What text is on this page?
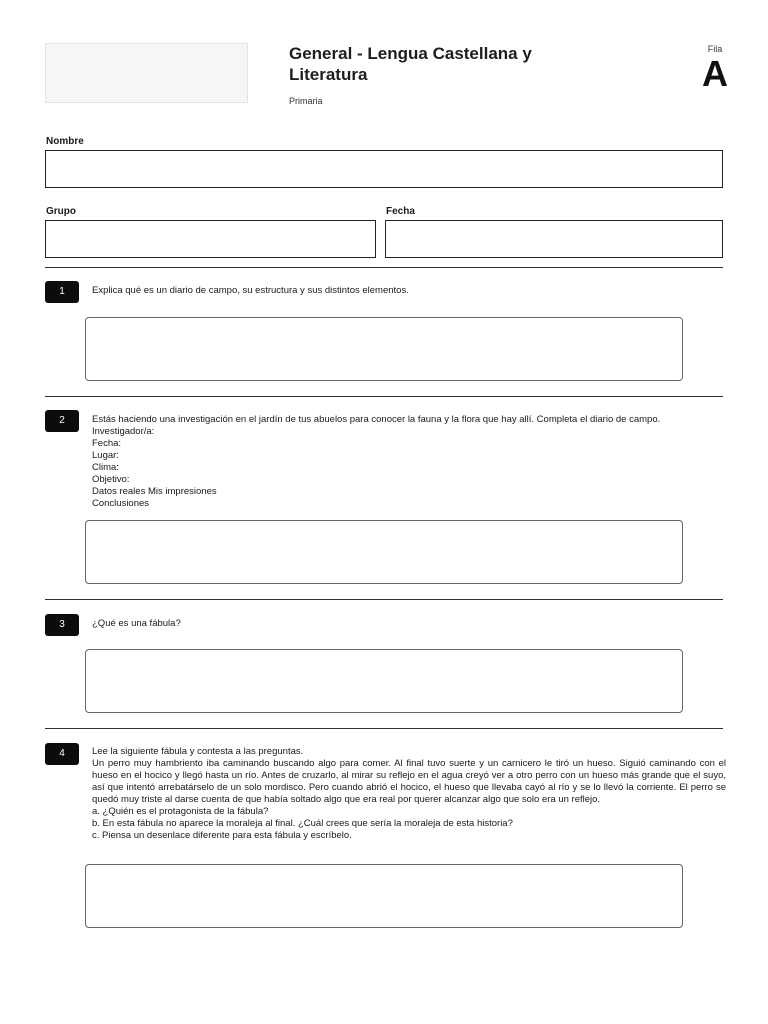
General - Lengua Castellana y Literatura
Primaria
Fila
A
Nombre
Grupo	Fecha
1	Explica qué es un diario de campo, su estructura y sus distintos elementos.
2	Estás haciendo una investigación en el jardín de tus abuelos para conocer la fauna y la flora que hay allí. Completa el diario de campo.
Investigador/a:
Fecha:
Lugar:
Clima:
Objetivo:
Datos reales Mis impresiones
Conclusiones
3	¿Qué es una fábula?
4	Lee la siguiente fábula y contesta a las preguntas.
Un perro muy hambriento iba caminando buscando algo para comer. Al final tuvo suerte y un carnicero le tiró un hueso. Siguió caminando con el hueso en el hocico y llegó hasta un río. Antes de cruzarlo, al mirar su reflejo en el agua creyó ver a otro perro con un hueso más grande que el suyo, así que intentó arrebatárselo de un solo mordisco. Pero cuando abrió el hocico, el hueso que llevaba cayó al río y se lo llevó la corriente. El perro se quedó muy triste al darse cuenta de que había soltado algo que era real por querer alcanzar algo que solo era un reflejo.
a. ¿Quién es el protagonista de la fábula?
b. En esta fábula no aparece la moraleja al final. ¿Cuál crees que sería la moraleja de esta historia?
c. Piensa un desenlace diferente para esta fábula y escríbelo.
